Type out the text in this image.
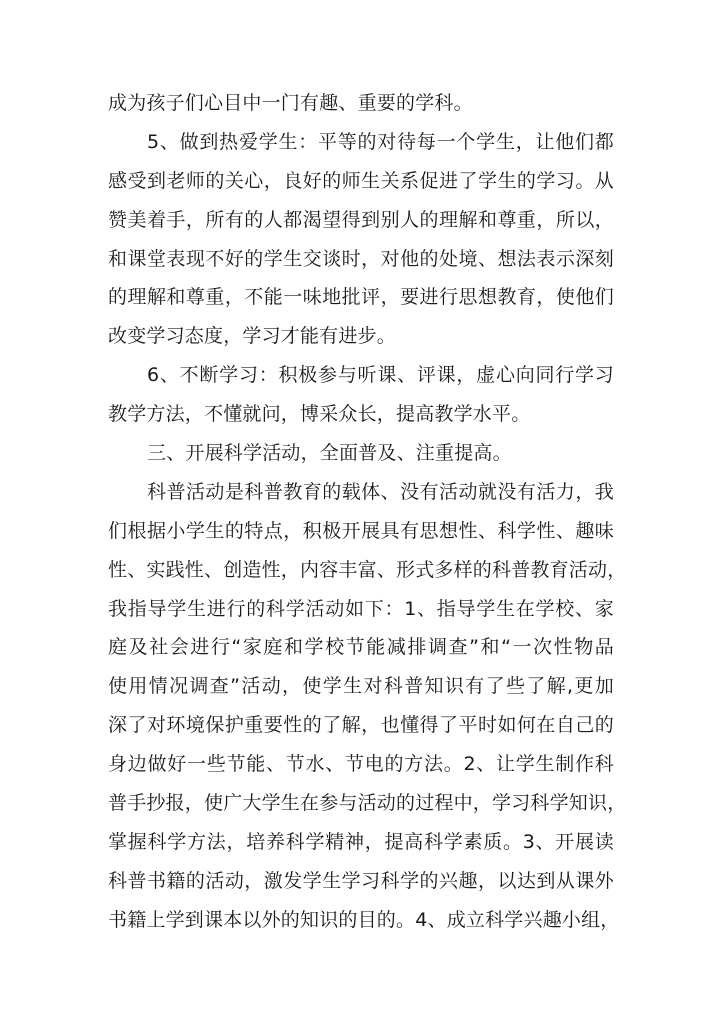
成为孩子们心目中一门有趣、重要的学科。
5、做到热爱学生：平等的对待每一个学生，让他们都
感受到老师的关心，良好的师生关系促进了学生的学习。从
赞美着手，所有的人都渴望得到别人的理解和尊重，所以，
和课堂表现不好的学生交谈时，对他的处境、想法表示深刻
的理解和尊重，不能一味地批评，要进行思想教育，使他们
改变学习态度，学习才能有进步。
6、不断学习：积极参与听课、评课，虚心向同行学习
教学方法，不懂就问，博采众长，提高教学水平。
三、开展科学活动，全面普及、注重提高。
科普活动是科普教育的载体、没有活动就没有活力，我
们根据小学生的特点，积极开展具有思想性、科学性、趣味
性、实践性、创造性，内容丰富、形式多样的科普教育活动，
我指导学生进行的科学活动如下：1、指导学生在学校、家
庭及社会进行“家庭和学校节能减排调查”和“一次性物品
使用情况调查”活动，使学生对科普知识有了些了解,更加
深了对环境保护重要性的了解，也懂得了平时如何在自己的
身边做好一些节能、节水、节电的方法。2、让学生制作科
普手抄报，使广大学生在参与活动的过程中，学习科学知识，
掌握科学方法，培养科学精神，提高科学素质。3、开展读
科普书籍的活动，激发学生学习科学的兴趣，以达到从课外
书籍上学到课本以外的知识的目的。4、成立科学兴趣小组，
